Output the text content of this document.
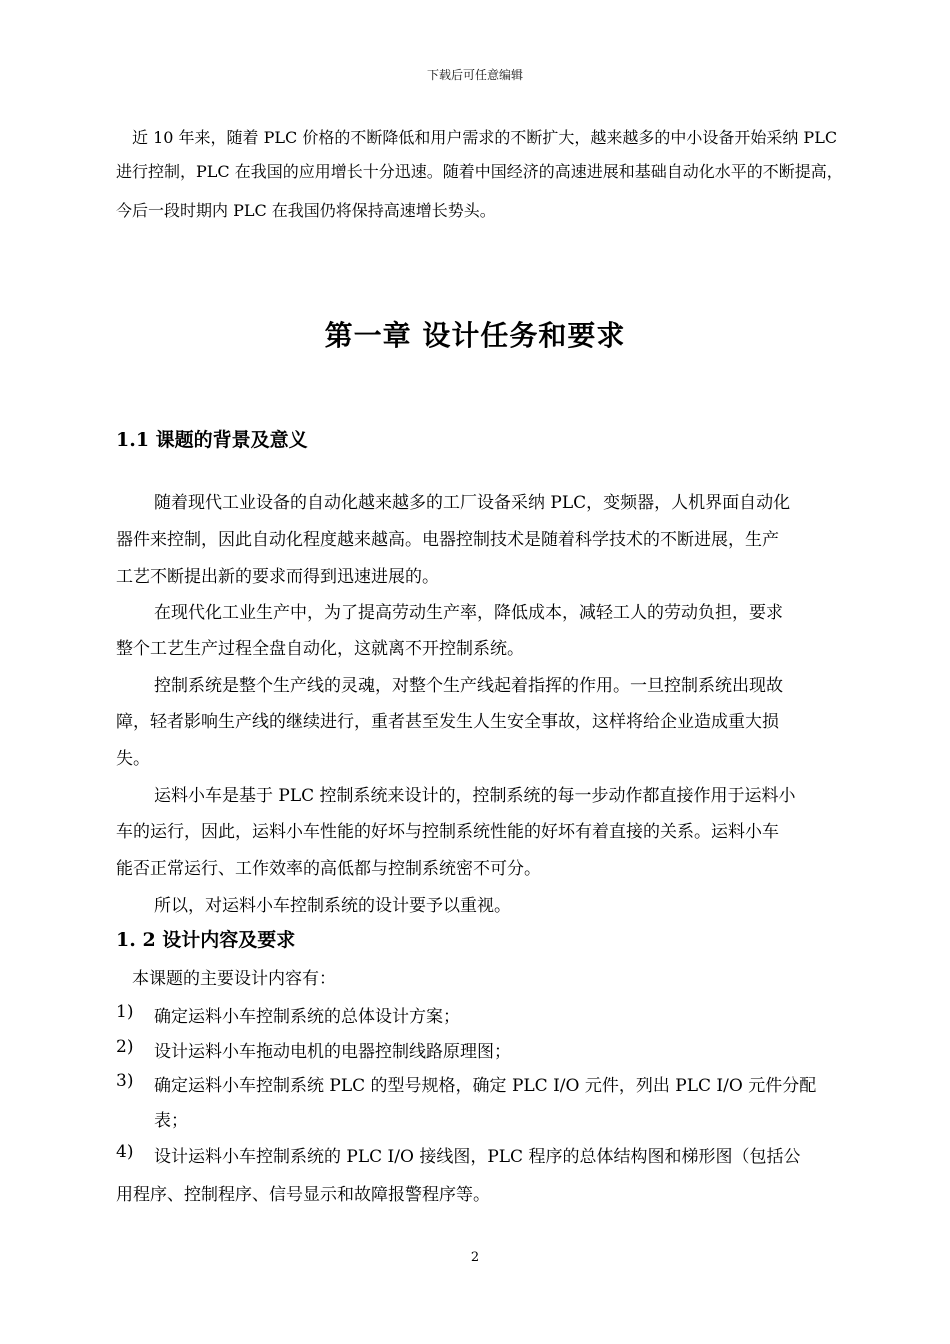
下载后可任意编辑
近 10 年来，随着 PLC 价格的不断降低和用户需求的不断扩大，越来越多的中小设备开始采纳 PLC
进行控制，PLC 在我国的应用增长十分迅速。随着中国经济的高速进展和基础自动化水平的不断提高，
今后一段时期内 PLC 在我国仍将保持高速增长势头。
第一章 设计任务和要求
1.1 课题的背景及意义
随着现代工业设备的自动化越来越多的工厂设备采纳 PLC，变频器，人机界面自动化
器件来控制，因此自动化程度越来越高。电器控制技术是随着科学技术的不断进展，生产
工艺不断提出新的要求而得到迅速进展的。
在现代化工业生产中，为了提高劳动生产率，降低成本，减轻工人的劳动负担，要求
整个工艺生产过程全盘自动化，这就离不开控制系统。
控制系统是整个生产线的灵魂，对整个生产线起着指挥的作用。一旦控制系统出现故
障，轻者影响生产线的继续进行，重者甚至发生人生安全事故，这样将给企业造成重大损
失。
运料小车是基于 PLC 控制系统来设计的，控制系统的每一步动作都直接作用于运料小
车的运行，因此，运料小车性能的好坏与控制系统性能的好坏有着直接的关系。运料小车
能否正常运行、工作效率的高低都与控制系统密不可分。
所以，对运料小车控制系统的设计要予以重视。
1. 2 设计内容及要求
本课题的主要设计内容有：
1) 确定运料小车控制系统的总体设计方案；
2) 设计运料小车拖动电机的电器控制线路原理图；
3) 确定运料小车控制系统 PLC 的型号规格，确定 PLC I/O 元件，列出 PLC I/O 元件分配
表；
4) 设计运料小车控制系统的 PLC I/O 接线图，PLC 程序的总体结构图和梯形图（包括公
用程序、控制程序、信号显示和故障报警程序等。
2
